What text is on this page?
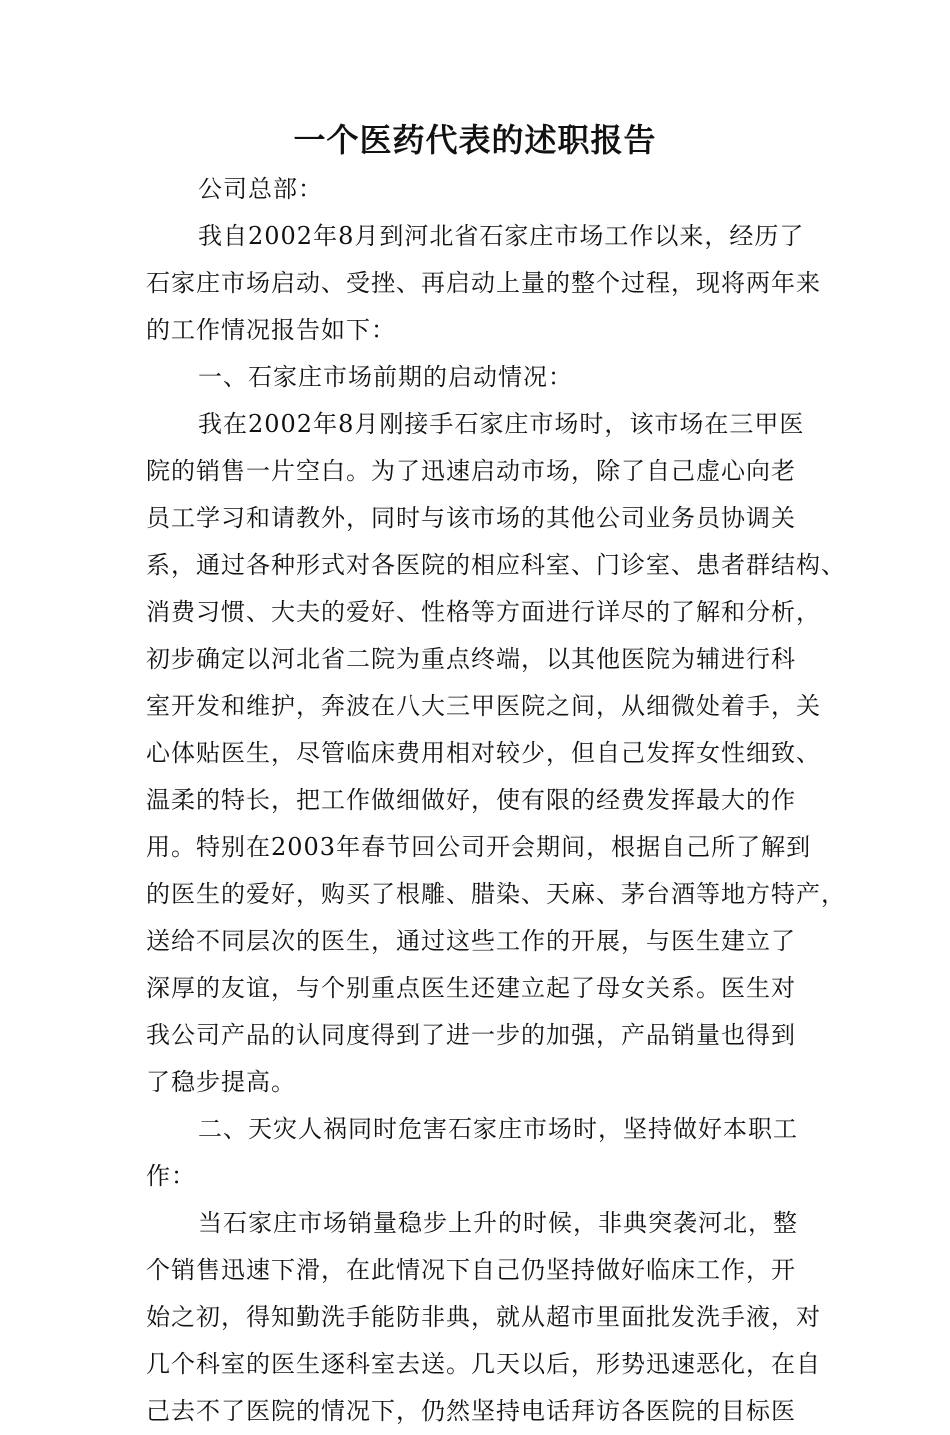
一个医药代表的述职报告
公司总部：
我自2002年8月到河北省石家庄市场工作以来，经历了
石家庄市场启动、受挫、再启动上量的整个过程，现将两年来
的工作情况报告如下：
一、石家庄市场前期的启动情况：
我在2002年8月刚接手石家庄市场时，该市场在三甲医
院的销售一片空白。为了迅速启动市场，除了自己虚心向老
员工学习和请教外，同时与该市场的其他公司业务员协调关
系，通过各种形式对各医院的相应科室、门诊室、患者群结构、
消费习惯、大夫的爱好、性格等方面进行详尽的了解和分析，
初步确定以河北省二院为重点终端，以其他医院为辅进行科
室开发和维护，奔波在八大三甲医院之间，从细微处着手，关
心体贴医生，尽管临床费用相对较少，但自己发挥女性细致、
温柔的特长，把工作做细做好，使有限的经费发挥最大的作
用。特别在2003年春节回公司开会期间，根据自己所了解到
的医生的爱好，购买了根雕、腊染、天麻、茅台酒等地方特产，
送给不同层次的医生，通过这些工作的开展，与医生建立了
深厚的友谊，与个别重点医生还建立起了母女关系。医生对
我公司产品的认同度得到了进一步的加强，产品销量也得到
了稳步提高。
二、天灾人祸同时危害石家庄市场时，坚持做好本职工
作：
当石家庄市场销量稳步上升的时候，非典突袭河北，整
个销售迅速下滑，在此情况下自己仍坚持做好临床工作，开
始之初，得知勤洗手能防非典，就从超市里面批发洗手液，对
几个科室的医生逐科室去送。几天以后，形势迅速恶化，在自
己去不了医院的情况下，仍然坚持电话拜访各医院的目标医
